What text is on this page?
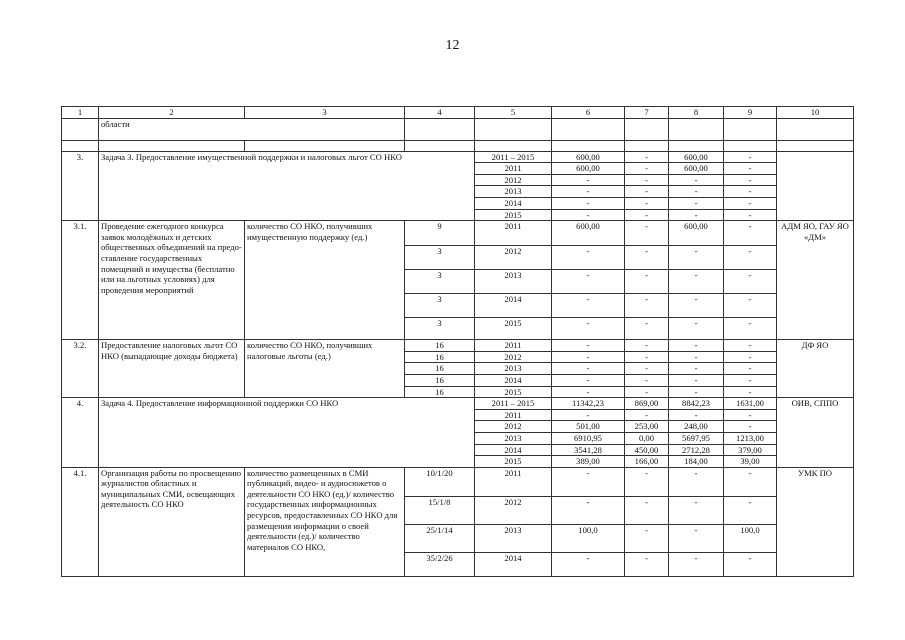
12
1	2	3	4	5	6	7	8	9	10
	области								

3.	Задача 3. Предоставление имущественной поддержки и налоговых льгот СО НКО			2011 – 2015	600,00	-	600,00	-	
				2011	600,00	-	600,00	-	
				2012	-	-	-	-	
				2013	-	-	-	-	
				2014	-	-	-	-	
				2015	-	-	-	-	
3.1.	Проведение ежегодного конкурса заявок молодёжных и детских общественных объединений на предо-ставление государственных помещений и имущества (бесплатно или на льготных условиях) для проведения мероприятий	количество СО НКО, получивших имущественную поддержку (ед.)	9	2011	600,00	-	600,00	-	АДМ ЯО, ГАУ ЯО «ДМ»
			3	2012	-	-	-	-	
			3	2013	-	-	-	-	
			3	2014	-	-	-	-	
			3	2015	-	-	-	-	
3.2.	Предоставление налоговых льгот СО НКО (выпадающие доходы бюджета)	количество СО НКО, получивших налоговые льготы (ед.)	16	2011	-	-	-	-	ДФ ЯО
			16	2012	-	-	-	-	
			16	2013	-	-	-	-	
			16	2014	-	-	-	-	
			16	2015	-	-	-	-	
4.	Задача 4. Предоставление информационной поддержки СО НКО			2011 – 2015	11342,23	869,00	8842,23	1631,00	ОИВ, СППО
				2011	-	-	-	-	
				2012	501,00	253,00	248,00	-	
				2013	6910,95	0,00	5697,95	1213,00	
				2014	3541,28	450,00	2712,28	379,00	
				2015	389,00	166,00	184,00	39,00	
4.1.	Организация работы по просвещению журналистов областных и муниципальных СМИ, освещающих деятельность СО НКО	количество размещенных в СМИ публикаций, видео- и аудиосюжетов о деятельности СО НКО (ед.)/ количество государственных информационных ресурсов, предоставленных СО НКО для размещения информации о своей деятельности (ед.)/ количество материалов СО НКО,	10/1/20	2011	-	-	-	-	УМК ПО
			15/1/8	2012	-	-	-	-	
			25/1/14	2013	100,0	-	-	100,0	
			35/2/26	2014	-	-	-	-	
